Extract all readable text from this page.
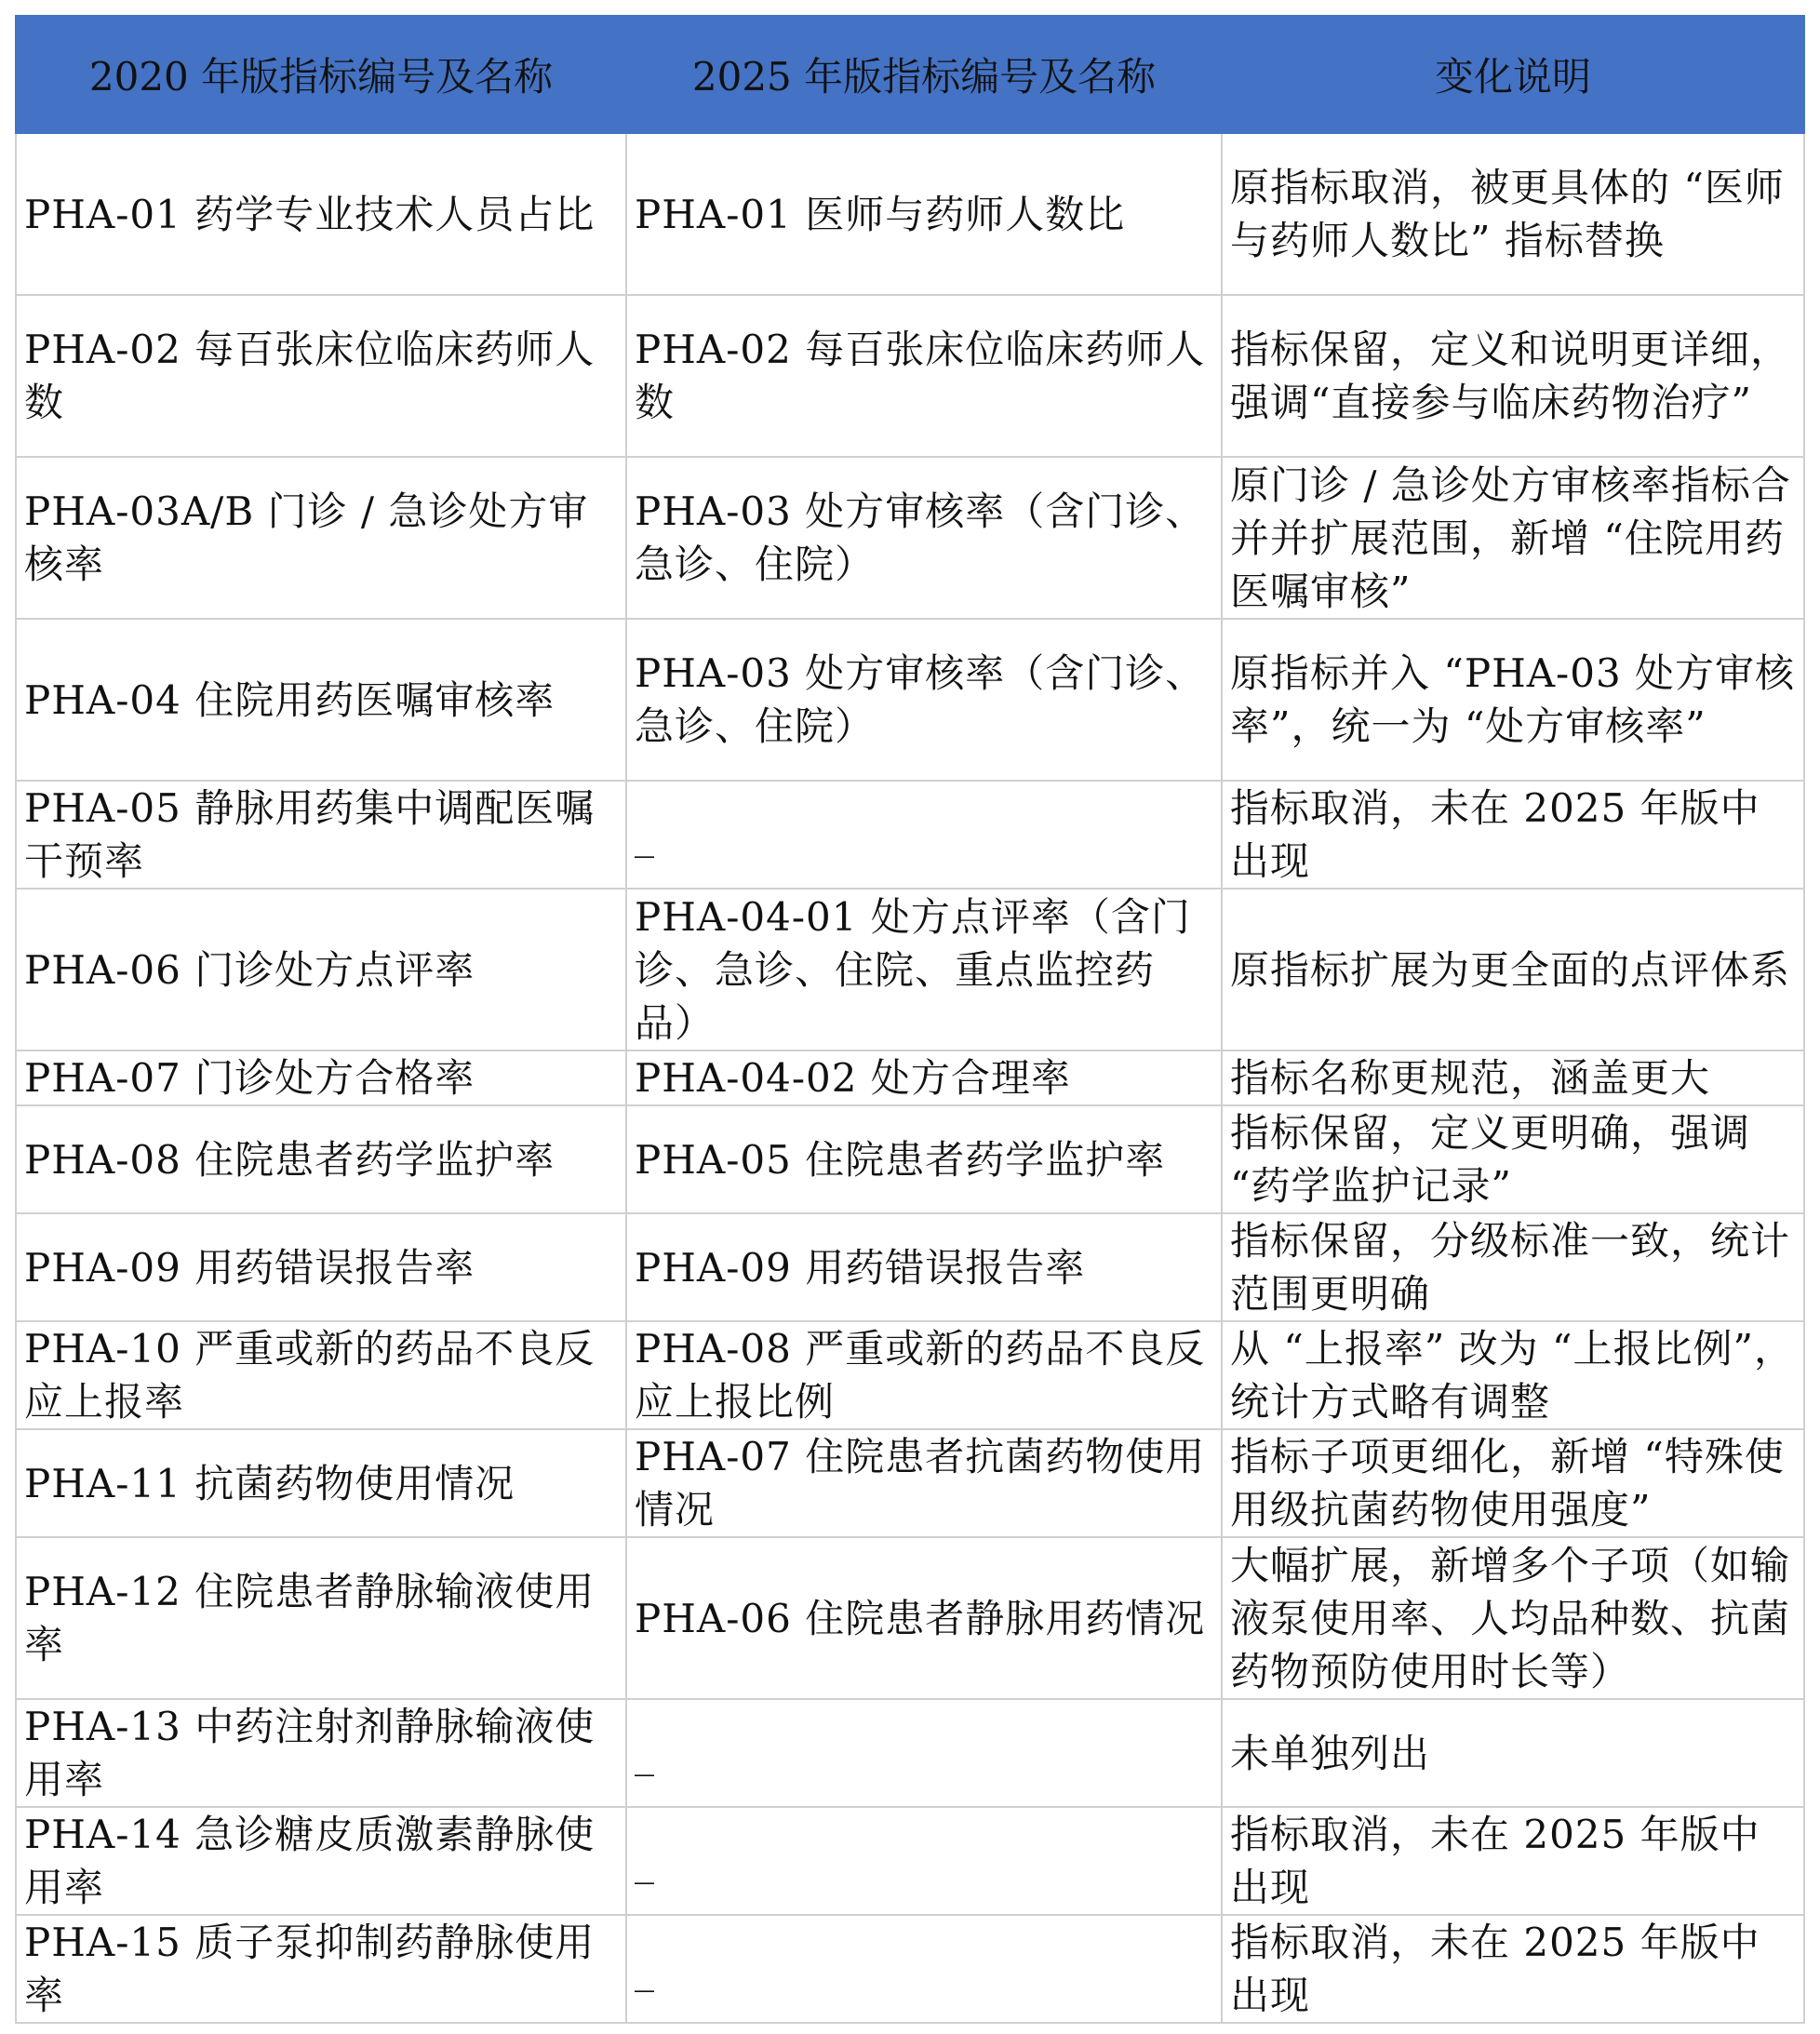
2020 年版指标编号及名称	2025 年版指标编号及名称	变化说明
PHA-01 药学专业技术人员占比	PHA-01 医师与药师人数比	原指标取消，被更具体的 “医师与药师人数比” 指标替换
PHA-02 每百张床位临床药师人数	PHA-02 每百张床位临床药师人数	指标保留，定义和说明更详细， 强调“直接参与临床药物治疗”
PHA-03A/B 门诊 / 急诊处方审核率	PHA-03 处方审核率（含门诊、急诊、住院）	原门诊 / 急诊处方审核率指标合并并扩展范围，新增 “住院用药医嘱审核”
PHA-04 住院用药医嘱审核率	PHA-03 处方审核率（含门诊、急诊、住院）	原指标并入 “PHA-03 处方审核率”，统一为 “处方审核率”
PHA-05 静脉用药集中调配医嘱干预率	_	指标取消，未在 2025 年版中出现
PHA-06 门诊处方点评率	PHA-04-01 处方点评率（含门诊、急诊、住院、重点监控药品）	原指标扩展为更全面的点评体系
PHA-07 门诊处方合格率	PHA-04-02 处方合理率	指标名称更规范，涵盖更大
PHA-08 住院患者药学监护率	PHA-05 住院患者药学监护率	指标保留，定义更明确，强调 “药学监护记录”
PHA-09 用药错误报告率	PHA-09 用药错误报告率	指标保留，分级标准一致，统计范围更明确
PHA-10 严重或新的药品不良反应上报率	PHA-08 严重或新的药品不良反应上报比例	从 “上报率” 改为 “上报比例”，统计方式略有调整
PHA-11 抗菌药物使用情况	PHA-07 住院患者抗菌药物使用情况	指标子项更细化，新增 “特殊使用级抗菌药物使用强度”
PHA-12 住院患者静脉输液使用率	PHA-06 住院患者静脉用药情况	大幅扩展，新增多个子项（如输液泵使用率、人均品种数、抗菌药物预防使用时长等）
PHA-13 中药注射剂静脉输液使用率	_	未单独列出
PHA-14 急诊糖皮质激素静脉使用率	_	指标取消，未在 2025 年版中出现
PHA-15 质子泵抑制药静脉使用率	_	指标取消，未在 2025 年版中出现
